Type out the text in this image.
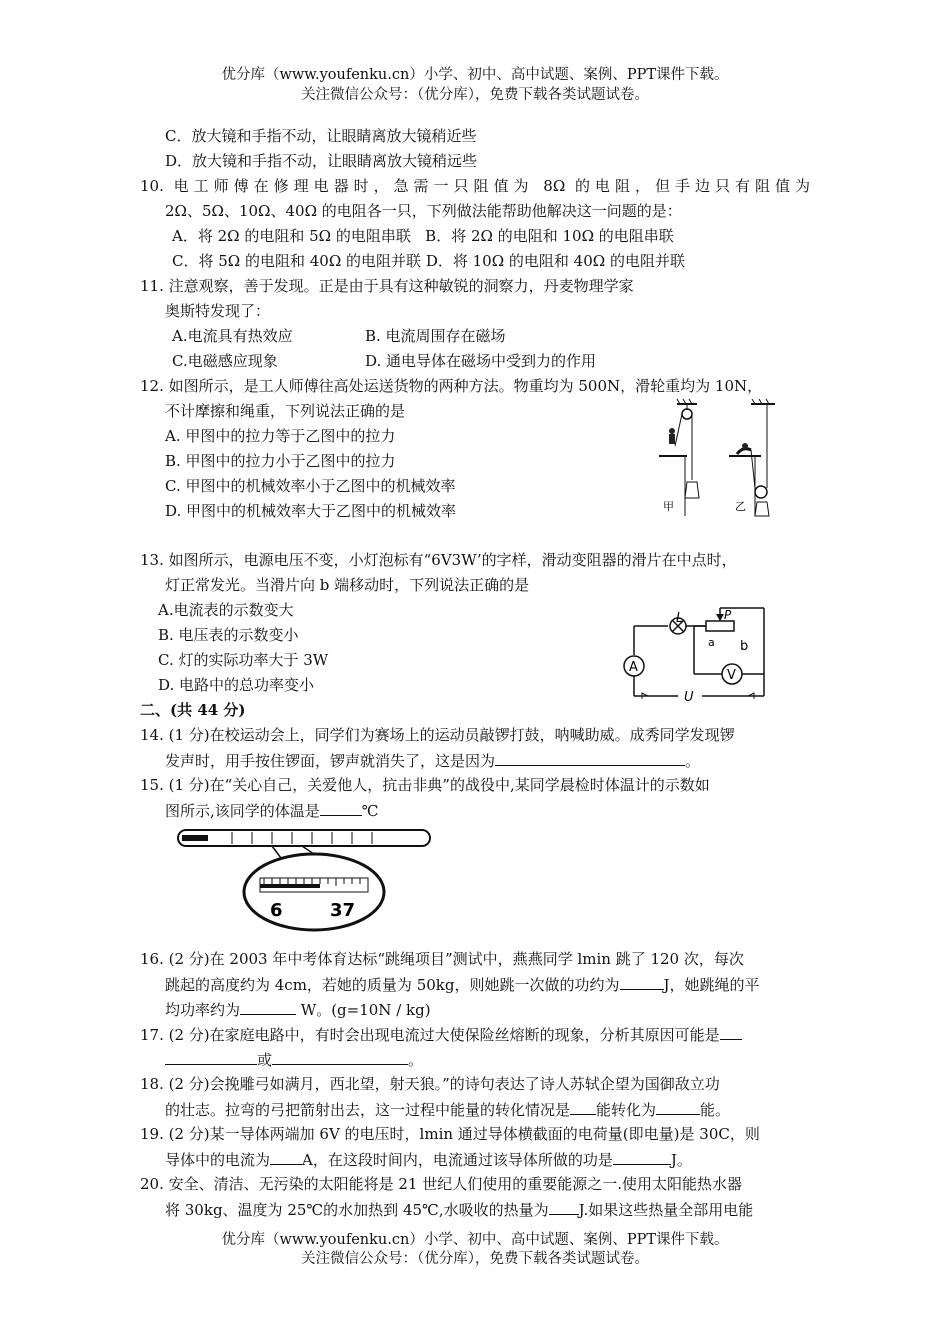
优分库（www.youfenku.cn）小学、初中、高中试题、案例、PPT课件下载。
关注微信公众号：（优分库），免费下载各类试题试卷。
C．放大镜和手指不动，让眼睛离放大镜稍近些
D．放大镜和手指不动，让眼睛离放大镜稍远些
10. 电工师傅在修理电器时，急需一只阻值为 8Ω 的电阻，但手边只有阻值为
2Ω、5Ω、10Ω、40Ω 的电阻各一只，下列做法能帮助他解决这一问题的是：
A．将 2Ω 的电阻和 5Ω 的电阻串联   B．将 2Ω 的电阻和 10Ω 的电阻串联
C．将 5Ω 的电阻和 40Ω 的电阻并联 D．将 10Ω 的电阻和 40Ω 的电阻并联
11. 注意观察，善于发现。正是由于具有这种敏锐的洞察力，丹麦物理学家
奥斯特发现了：
A.电流具有热效应	B. 电流周围存在磁场
C.电磁感应现象	D. 通电导体在磁场中受到力的作用
12. 如图所示，是工人师傅往高处运送货物的两种方法。物重均为 500N，滑轮重均为 10N，
不计摩擦和绳重，下列说法正确的是
A. 甲图中的拉力等于乙图中的拉力
B. 甲图中的拉力小于乙图中的拉力
C. 甲图中的机械效率小于乙图中的机械效率
D. 甲图中的机械效率大于乙图中的机械效率	甲	乙
13. 如图所示，电源电压不变，小灯泡标有“6V3W’的字样，滑动变阻器的滑片在中点时，
灯正常发光。当滑片向 b 端移动时，下列说法正确的是
A.电流表的示数变大
B. 电压表的示数变小
C. 灯的实际功率大于 3W
D. 电路中的总功率变小
L	P
a b
A
V
U
二、(共 44 分)
14. (1 分)在校运动会上，同学们为赛场上的运动员敲锣打鼓，呐喊助威。成秀同学发现锣
发声时，用手按住锣面，锣声就消失了，这是因为	。
15. (1 分)在“关心自己，关爱他人，抗击非典”的战役中,某同学晨检时体温计的示数如
图所示,该同学的体温是	℃
6	37
16. (2 分)在 2003 年中考体育达标“跳绳项目”测试中，燕燕同学 lmin 跳了 120 次，每次
跳起的高度约为 4cm，若她的质量为 50kg，则她跳一次做的功约为	J，她跳绳的平
均功率约为	W。(g=10N / kg)
17. (2 分)在家庭电路中，有时会出现电流过大使保险丝熔断的现象，分析其原因可能是
或	。
18. (2 分)会挽雕弓如满月，西北望，射天狼。”的诗句表达了诗人苏轼企望为国御敌立功
的壮志。拉弯的弓把箭射出去，这一过程中能量的转化情况是 能转化为	能。
19. (2 分)某一导体两端加 6V 的电压时，lmin 通过导体横截面的电荷量(即电量)是 30C，则
导体中的电流为 A，在这段时间内，电流通过该导体所做的功是	J。
20. 安全、清洁、无污染的太阳能将是 21 世纪人们使用的重要能源之一.使用太阳能热水器
将 30kg、温度为 25℃的水加热到 45℃,水吸收的热量为 J.如果这些热量全部用电能
优分库（www.youfenku.cn）小学、初中、高中试题、案例、PPT课件下载。
关注微信公众号：（优分库），免费下载各类试题试卷。
